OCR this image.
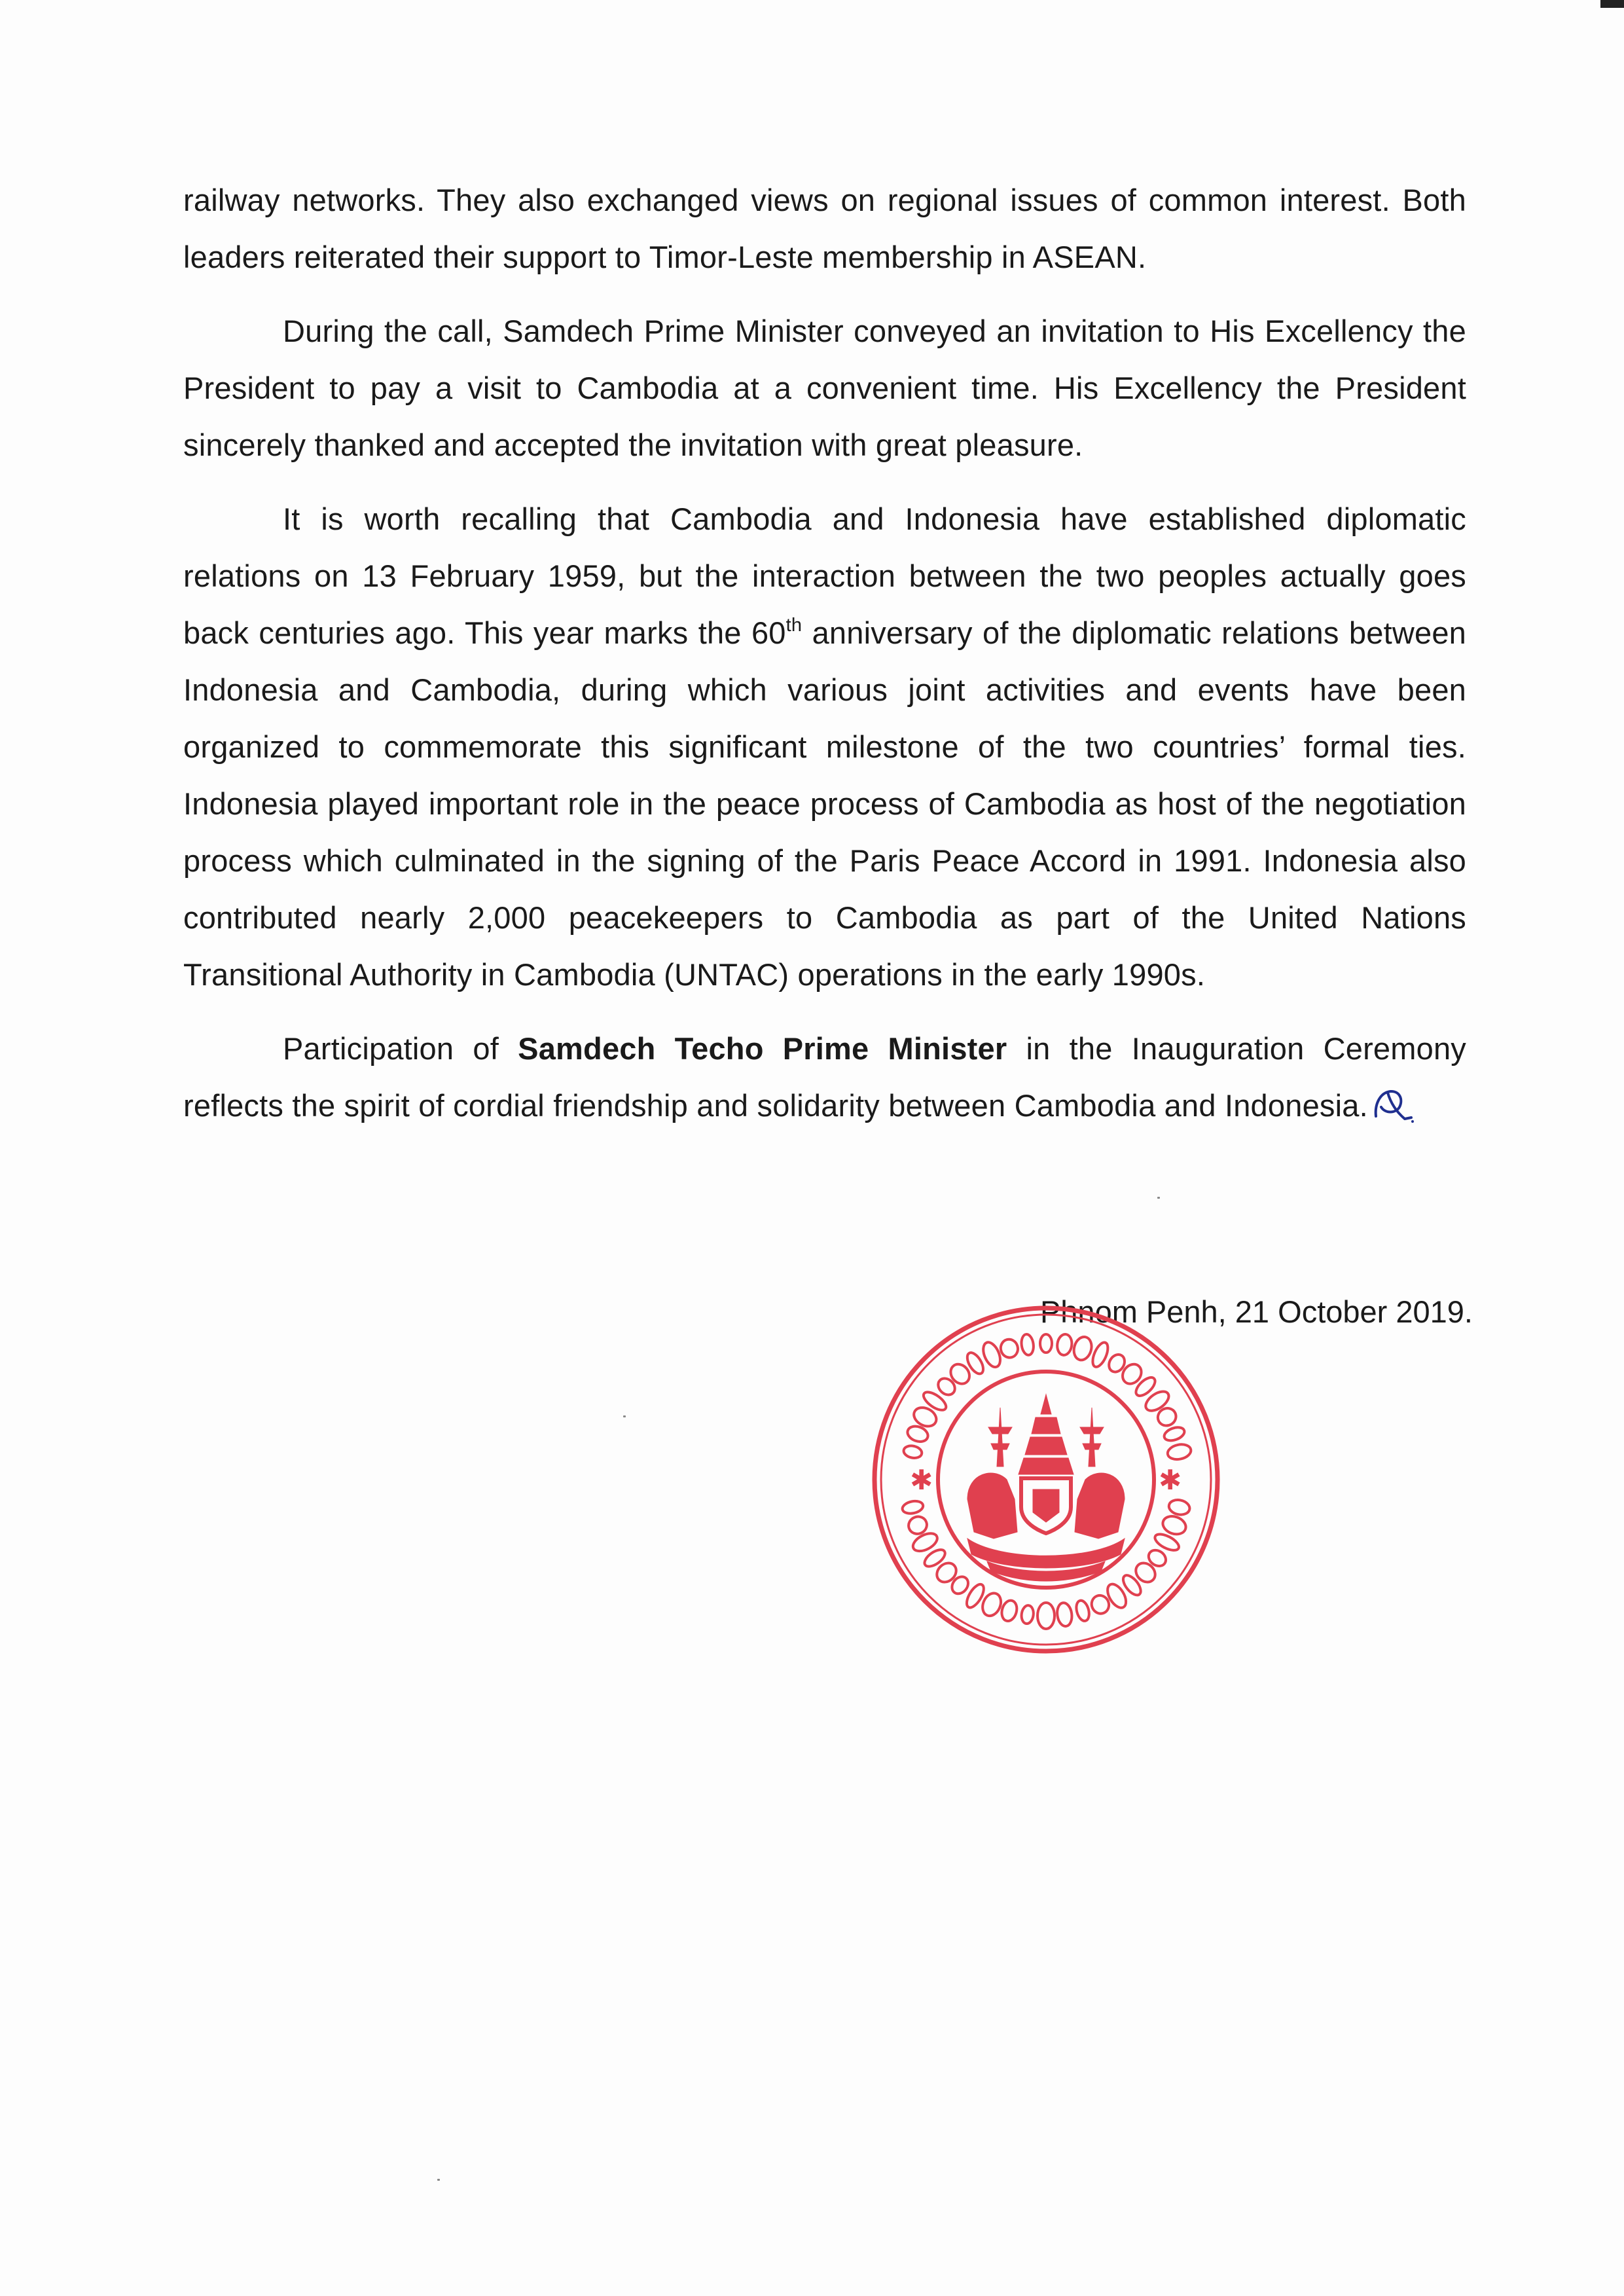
railway networks. They also exchanged views on regional issues of common interest. Both leaders reiterated their support to Timor-Leste membership in ASEAN.
During the call, Samdech Prime Minister conveyed an invitation to His Excellency the President to pay a visit to Cambodia at a convenient time. His Excellency the President sincerely thanked and accepted the invitation with great pleasure.
It is worth recalling that Cambodia and Indonesia have established diplomatic relations on 13 February 1959, but the interaction between the two peoples actually goes back centuries ago. This year marks the 60th anniversary of the diplomatic relations between Indonesia and Cambodia, during which various joint activities and events have been organized to commemorate this significant milestone of the two countries’ formal ties. Indonesia played important role in the peace process of Cambodia as host of the negotiation process which culminated in the signing of the Paris Peace Accord in 1991. Indonesia also contributed nearly 2,000 peacekeepers to Cambodia as part of the United Nations Transitional Authority in Cambodia (UNTAC) operations in the early 1990s.
Participation of Samdech Techo Prime Minister in the Inauguration Ceremony reflects the spirit of cordial friendship and solidarity between Cambodia and Indonesia.
Phnom Penh, 21 October 2019.
✱	✱
